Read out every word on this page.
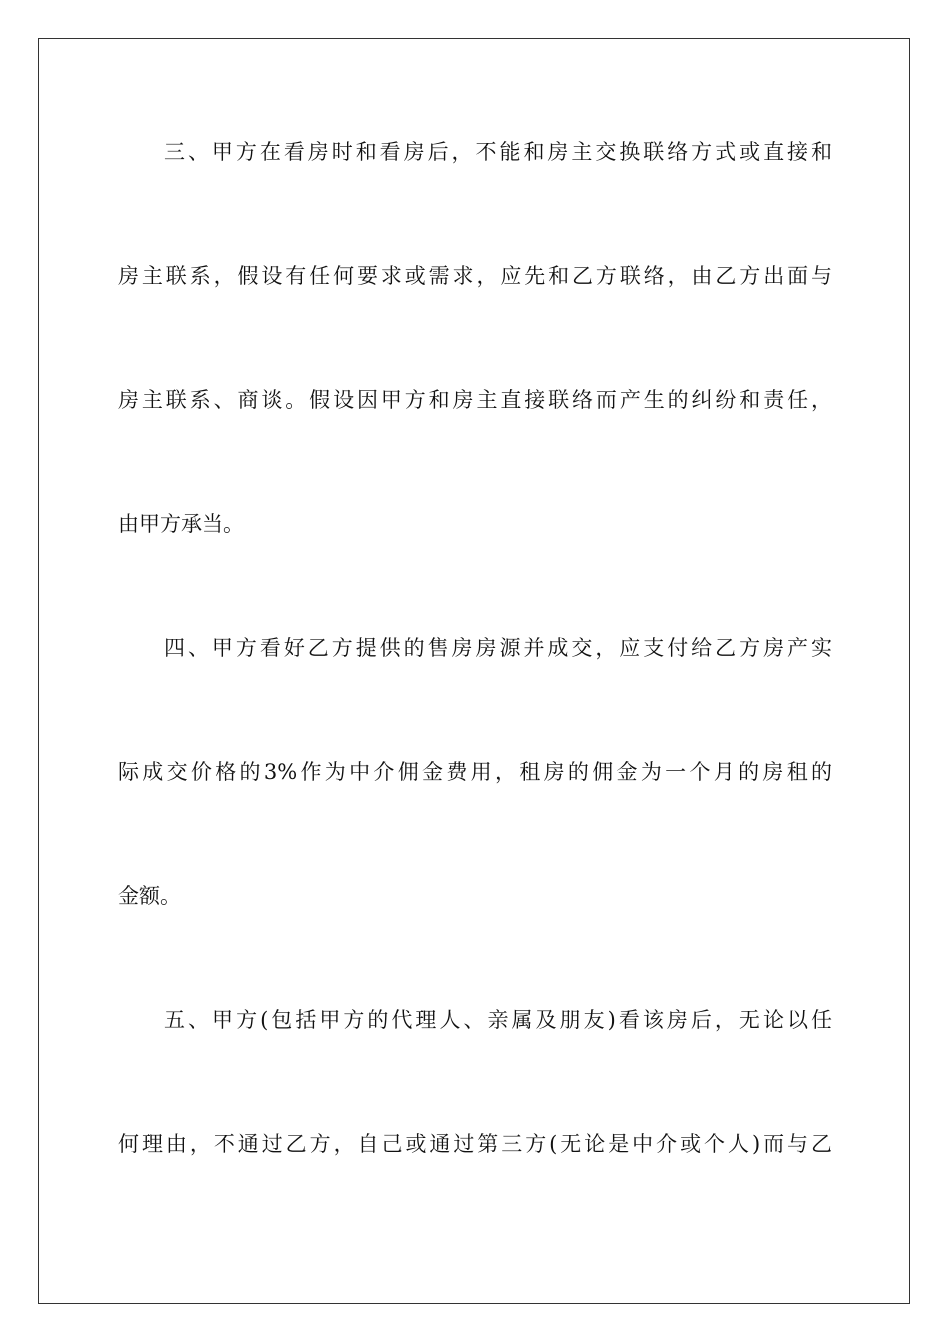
三、甲方在看房时和看房后，不能和房主交换联络方式或直接和
房主联系，假设有任何要求或需求，应先和乙方联络，由乙方出面与
房主联系、商谈。假设因甲方和房主直接联络而产生的纠纷和责任，
由甲方承当。
四、甲方看好乙方提供的售房房源并成交，应支付给乙方房产实
际成交价格的3%作为中介佣金费用，租房的佣金为一个月的房租的
金额。
五、甲方(包括甲方的代理人、亲属及朋友)看该房后，无论以任
何理由，不通过乙方，自己或通过第三方(无论是中介或个人)而与乙
